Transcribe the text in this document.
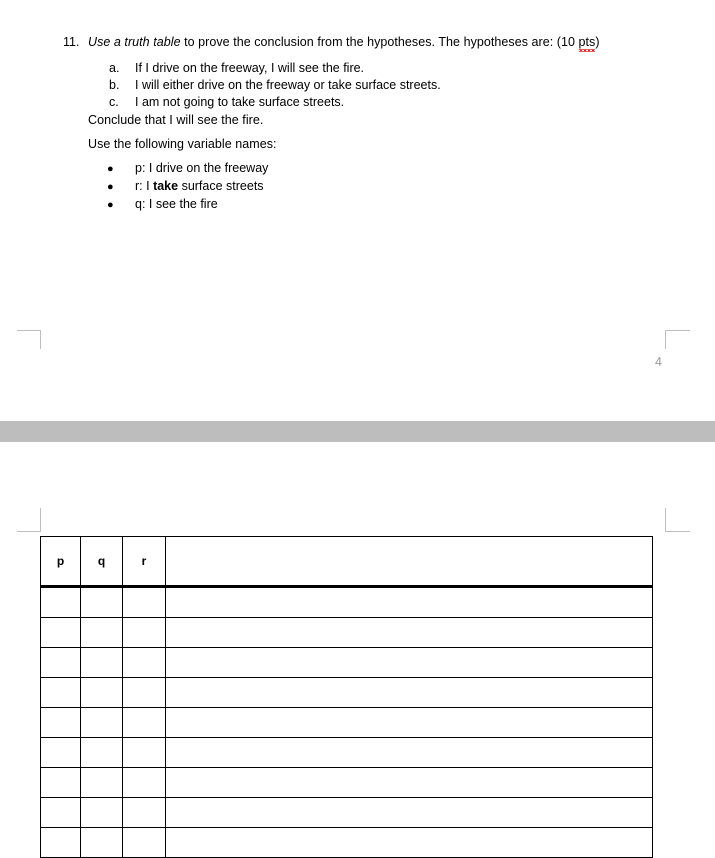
11. Use a truth table to prove the conclusion from the hypotheses. The hypotheses are: (10 pts)
a. If I drive on the freeway, I will see the fire.
b. I will either drive on the freeway or take surface streets.
c. I am not going to take surface streets.
Conclude that I will see the fire.
Use the following variable names:
● p: I drive on the freeway
● r: I take surface streets
● q: I see the fire
4
p	q	r	
